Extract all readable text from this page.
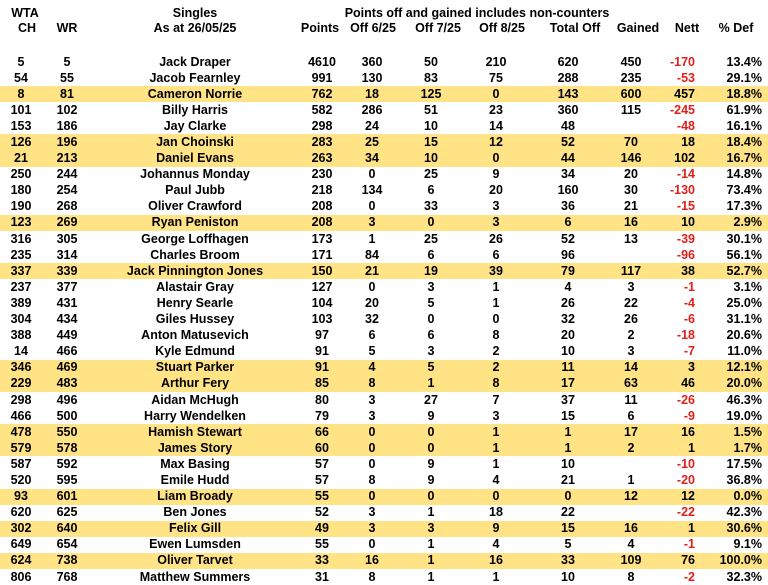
WTA
CH WR
Singles
As at 26/05/25
Points off and gained includes non-counters
Points Off 6/25 Off 7/25 Off 8/25 Total Off Gained Nett % Def
5	5	Jack Draper	4610	360	50	210	620	450	-170	13.4%
54	55	Jacob Fearnley	991	130	83	75	288	235	-53	29.1%
8	81	Cameron Norrie	762	18	125	0	143	600	457	18.8%
101	102	Billy Harris	582	286	51	23	360	115	-245	61.9%
153	186	Jay Clarke	298	24	10	14	48		-48	16.1%
126	196	Jan Choinski	283	25	15	12	52	70	18	18.4%
21	213	Daniel Evans	263	34	10	0	44	146	102	16.7%
250	244	Johannus Monday	230	0	25	9	34	20	-14	14.8%
180	254	Paul Jubb	218	134	6	20	160	30	-130	73.4%
190	268	Oliver Crawford	208	0	33	3	36	21	-15	17.3%
123	269	Ryan Peniston	208	3	0	3	6	16	10	2.9%
316	305	George Loffhagen	173	1	25	26	52	13	-39	30.1%
235	314	Charles Broom	171	84	6	6	96		-96	56.1%
337	339	Jack Pinnington Jones	150	21	19	39	79	117	38	52.7%
237	377	Alastair Gray	127	0	3	1	4	3	-1	3.1%
389	431	Henry Searle	104	20	5	1	26	22	-4	25.0%
304	434	Giles Hussey	103	32	0	0	32	26	-6	31.1%
388	449	Anton Matusevich	97	6	6	8	20	2	-18	20.6%
14	466	Kyle Edmund	91	5	3	2	10	3	-7	11.0%
346	469	Stuart Parker	91	4	5	2	11	14	3	12.1%
229	483	Arthur Fery	85	8	1	8	17	63	46	20.0%
298	496	Aidan McHugh	80	3	27	7	37	11	-26	46.3%
466	500	Harry Wendelken	79	3	9	3	15	6	-9	19.0%
478	550	Hamish Stewart	66	0	0	1	1	17	16	1.5%
579	578	James Story	60	0	0	1	1	2	1	1.7%
587	592	Max Basing	57	0	9	1	10		-10	17.5%
520	595	Emile Hudd	57	8	9	4	21	1	-20	36.8%
93	601	Liam Broady	55	0	0	0	0	12	12	0.0%
620	625	Ben Jones	52	3	1	18	22		-22	42.3%
302	640	Felix Gill	49	3	3	9	15	16	1	30.6%
649	654	Ewen Lumsden	55	0	1	4	5	4	-1	9.1%
624	738	Oliver Tarvet	33	16	1	16	33	109	76	100.0%
806	768	Matthew Summers	31	8	1	1	10	8	-2	32.3%
